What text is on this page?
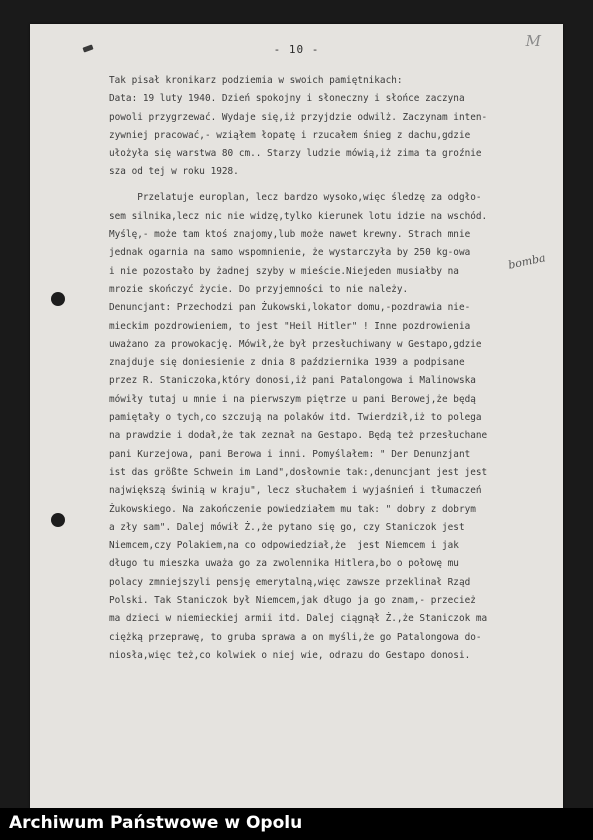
- 10 -	M
bomba
Tak pisał kronikarz podziemia w swoich pamiętnikach:
Data: 19 luty 1940. Dzień spokojny i słoneczny i słońce zaczyna
powoli przygrzewać. Wydaje się,iż przyjdzie odwilż. Zaczynam inten-
zywniej pracować,- wziąłem łopatę i rzucałem śnieg z dachu,gdzie
ułożyła się warstwa 80 cm.. Starzy ludzie mówią,iż zima ta groźnie
sza od tej w roku 1928.
Przelatuje europlan, lecz bardzo wysoko,więc śledzę za odgło-
sem silnika,lecz nic nie widzę,tylko kierunek lotu idzie na wschód.
Myślę,- może tam ktoś znajomy,lub może nawet krewny. Strach mnie
jednak ogarnia na samo wspomnienie, że wystarczyła by 250 kg-owa
i nie pozostało by żadnej szyby w mieście.Niejeden musiałby na
mrozie skończyć życie. Do przyjemności to nie należy.
Denuncjant: Przechodzi pan Żukowski,lokator domu,-pozdrawia nie-
mieckim pozdrowieniem, to jest "Heil Hitler" ! Inne pozdrowienia
uważano za prowokację. Mówił,że był przesłuchiwany w Gestapo,gdzie
znajduje się doniesienie z dnia 8 października 1939 a podpisane
przez R. Staniczoka,który donosi,iż pani Patalongowa i Malinowska
mówiły tutaj u mnie i na pierwszym piętrze u pani Berowej,że będą
pamiętały o tych,co szczują na polaków itd. Twierdził,iż to polega
na prawdzie i dodał,że tak zeznał na Gestapo. Będą też przesłuchane
pani Kurzejowa, pani Berowa i inni. Pomyślałem: " Der Denunzjant
ist das größte Schwein im Land",dosłownie tak:,denuncjant jest jest
największą świnią w kraju", lecz słuchałem i wyjaśnień i tłumaczeń
Żukowskiego. Na zakończenie powiedziałem mu tak: " dobry z dobrym
a zły sam". Dalej mówił Ż.,że pytano się go, czy Staniczok jest
Niemcem,czy Polakiem,na co odpowiedział,że  jest Niemcem i jak
długo tu mieszka uważa go za zwolennika Hitlera,bo o połowę mu
polacy zmniejszyli pensję emerytalną,więc zawsze przeklinał Rząd
Polski. Tak Staniczok był Niemcem,jak długo ja go znam,- przecież
ma dzieci w niemieckiej armii itd. Dalej ciągnął Ż.,że Staniczok ma
ciężką przeprawę, to gruba sprawa a on myśli,że go Patalongowa do-
niosła,więc też,co kolwiek o niej wie, odrazu do Gestapo donosi.
Archiwum Państwowe w Opolu
